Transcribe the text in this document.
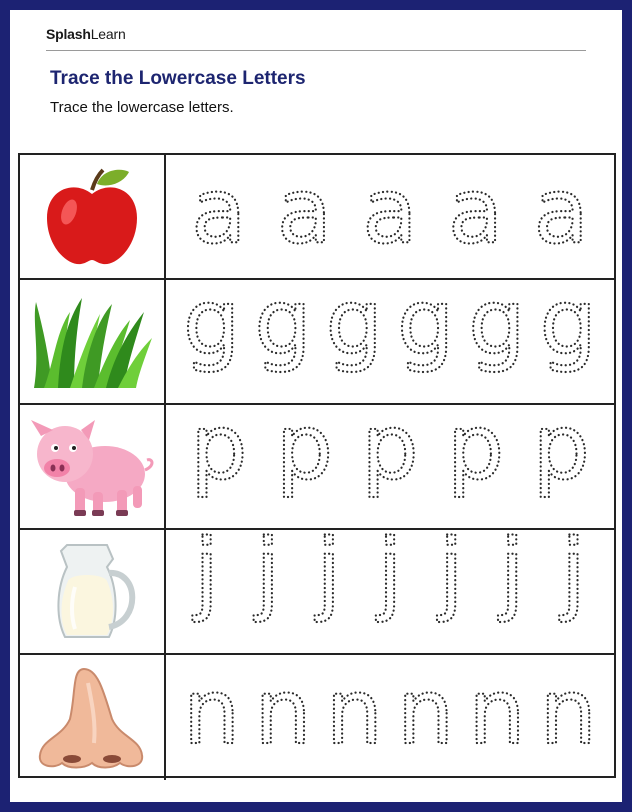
SplashLearn
Trace the Lowercase Letters
Trace the lowercase letters.
a a a a a
g g g g g g
p p p p p
j j j j j j j
n n n n n n
